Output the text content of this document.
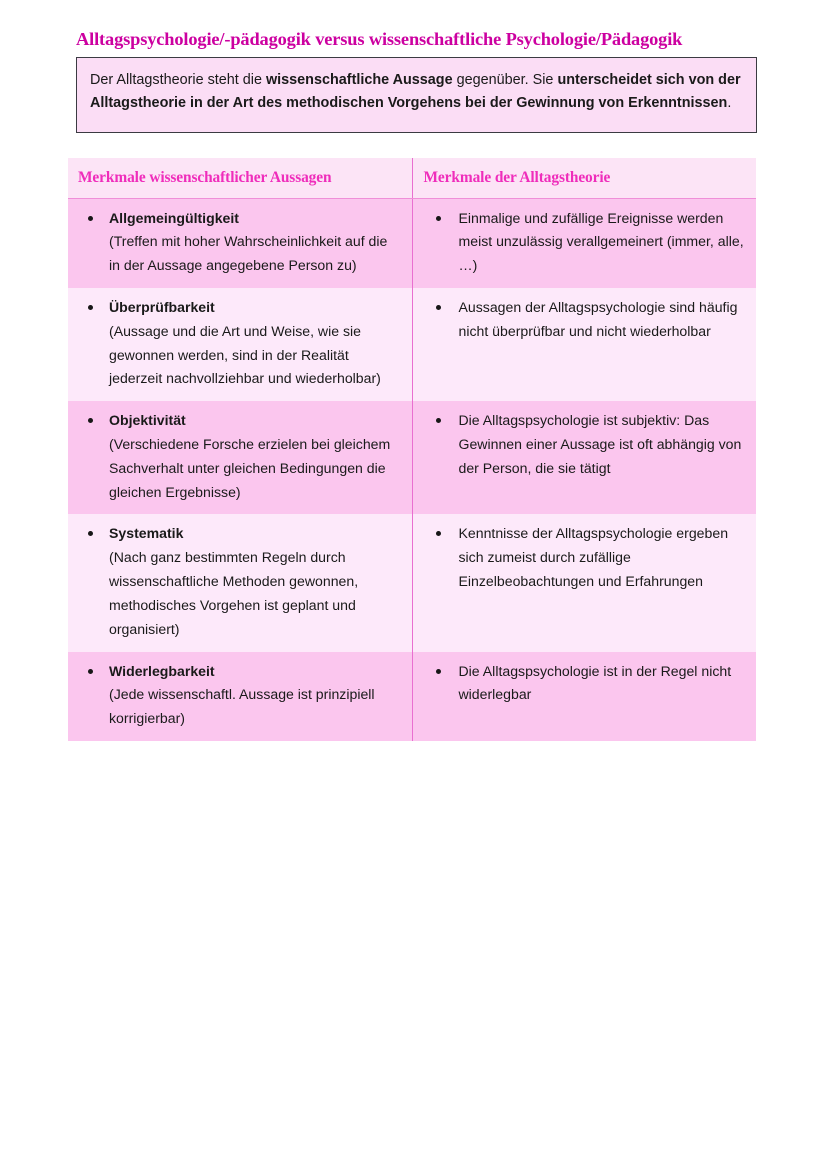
Alltagspsychologie/-pädagogik versus wissenschaftliche Psychologie/Pädagogik

Der Alltagstheorie steht die wissenschaftliche Aussage gegenüber. Sie unterscheidet sich von der Alltagstheorie in der Art des methodischen Vorgehens bei der Gewinnung von Erkenntnissen.

Merkmale wissenschaftlicher Aussagen	Merkmale der Alltagstheorie

Allgemeingültigkeit
(Treffen mit hoher Wahrscheinlichkeit auf die in der Aussage angegebene Person zu)	Einmalige und zufällige Ereignisse werden meist unzulässig verallgemeinert (immer, alle, …)

Überprüfbarkeit
(Aussage und die Art und Weise, wie sie gewonnen werden, sind in der Realität jederzeit nachvollziehbar und wiederholbar)	Aussagen der Alltagspsychologie sind häufig nicht überprüfbar und nicht wiederholbar

Objektivität
(Verschiedene Forsche erzielen bei gleichem Sachverhalt unter gleichen Bedingungen die gleichen Ergebnisse)	Die Alltagspsychologie ist subjektiv: Das Gewinnen einer Aussage ist oft abhängig von der Person, die sie tätigt

Systematik
(Nach ganz bestimmten Regeln durch wissenschaftliche Methoden gewonnen, methodisches Vorgehen ist geplant und organisiert)	Kenntnisse der Alltagspsychologie ergeben sich zumeist durch zufällige Einzelbeobachtungen und Erfahrungen

Widerlegbarkeit
(Jede wissenschaftl. Aussage ist prinzipiell korrigierbar)	Die Alltagspsychologie ist in der Regel nicht widerlegbar
